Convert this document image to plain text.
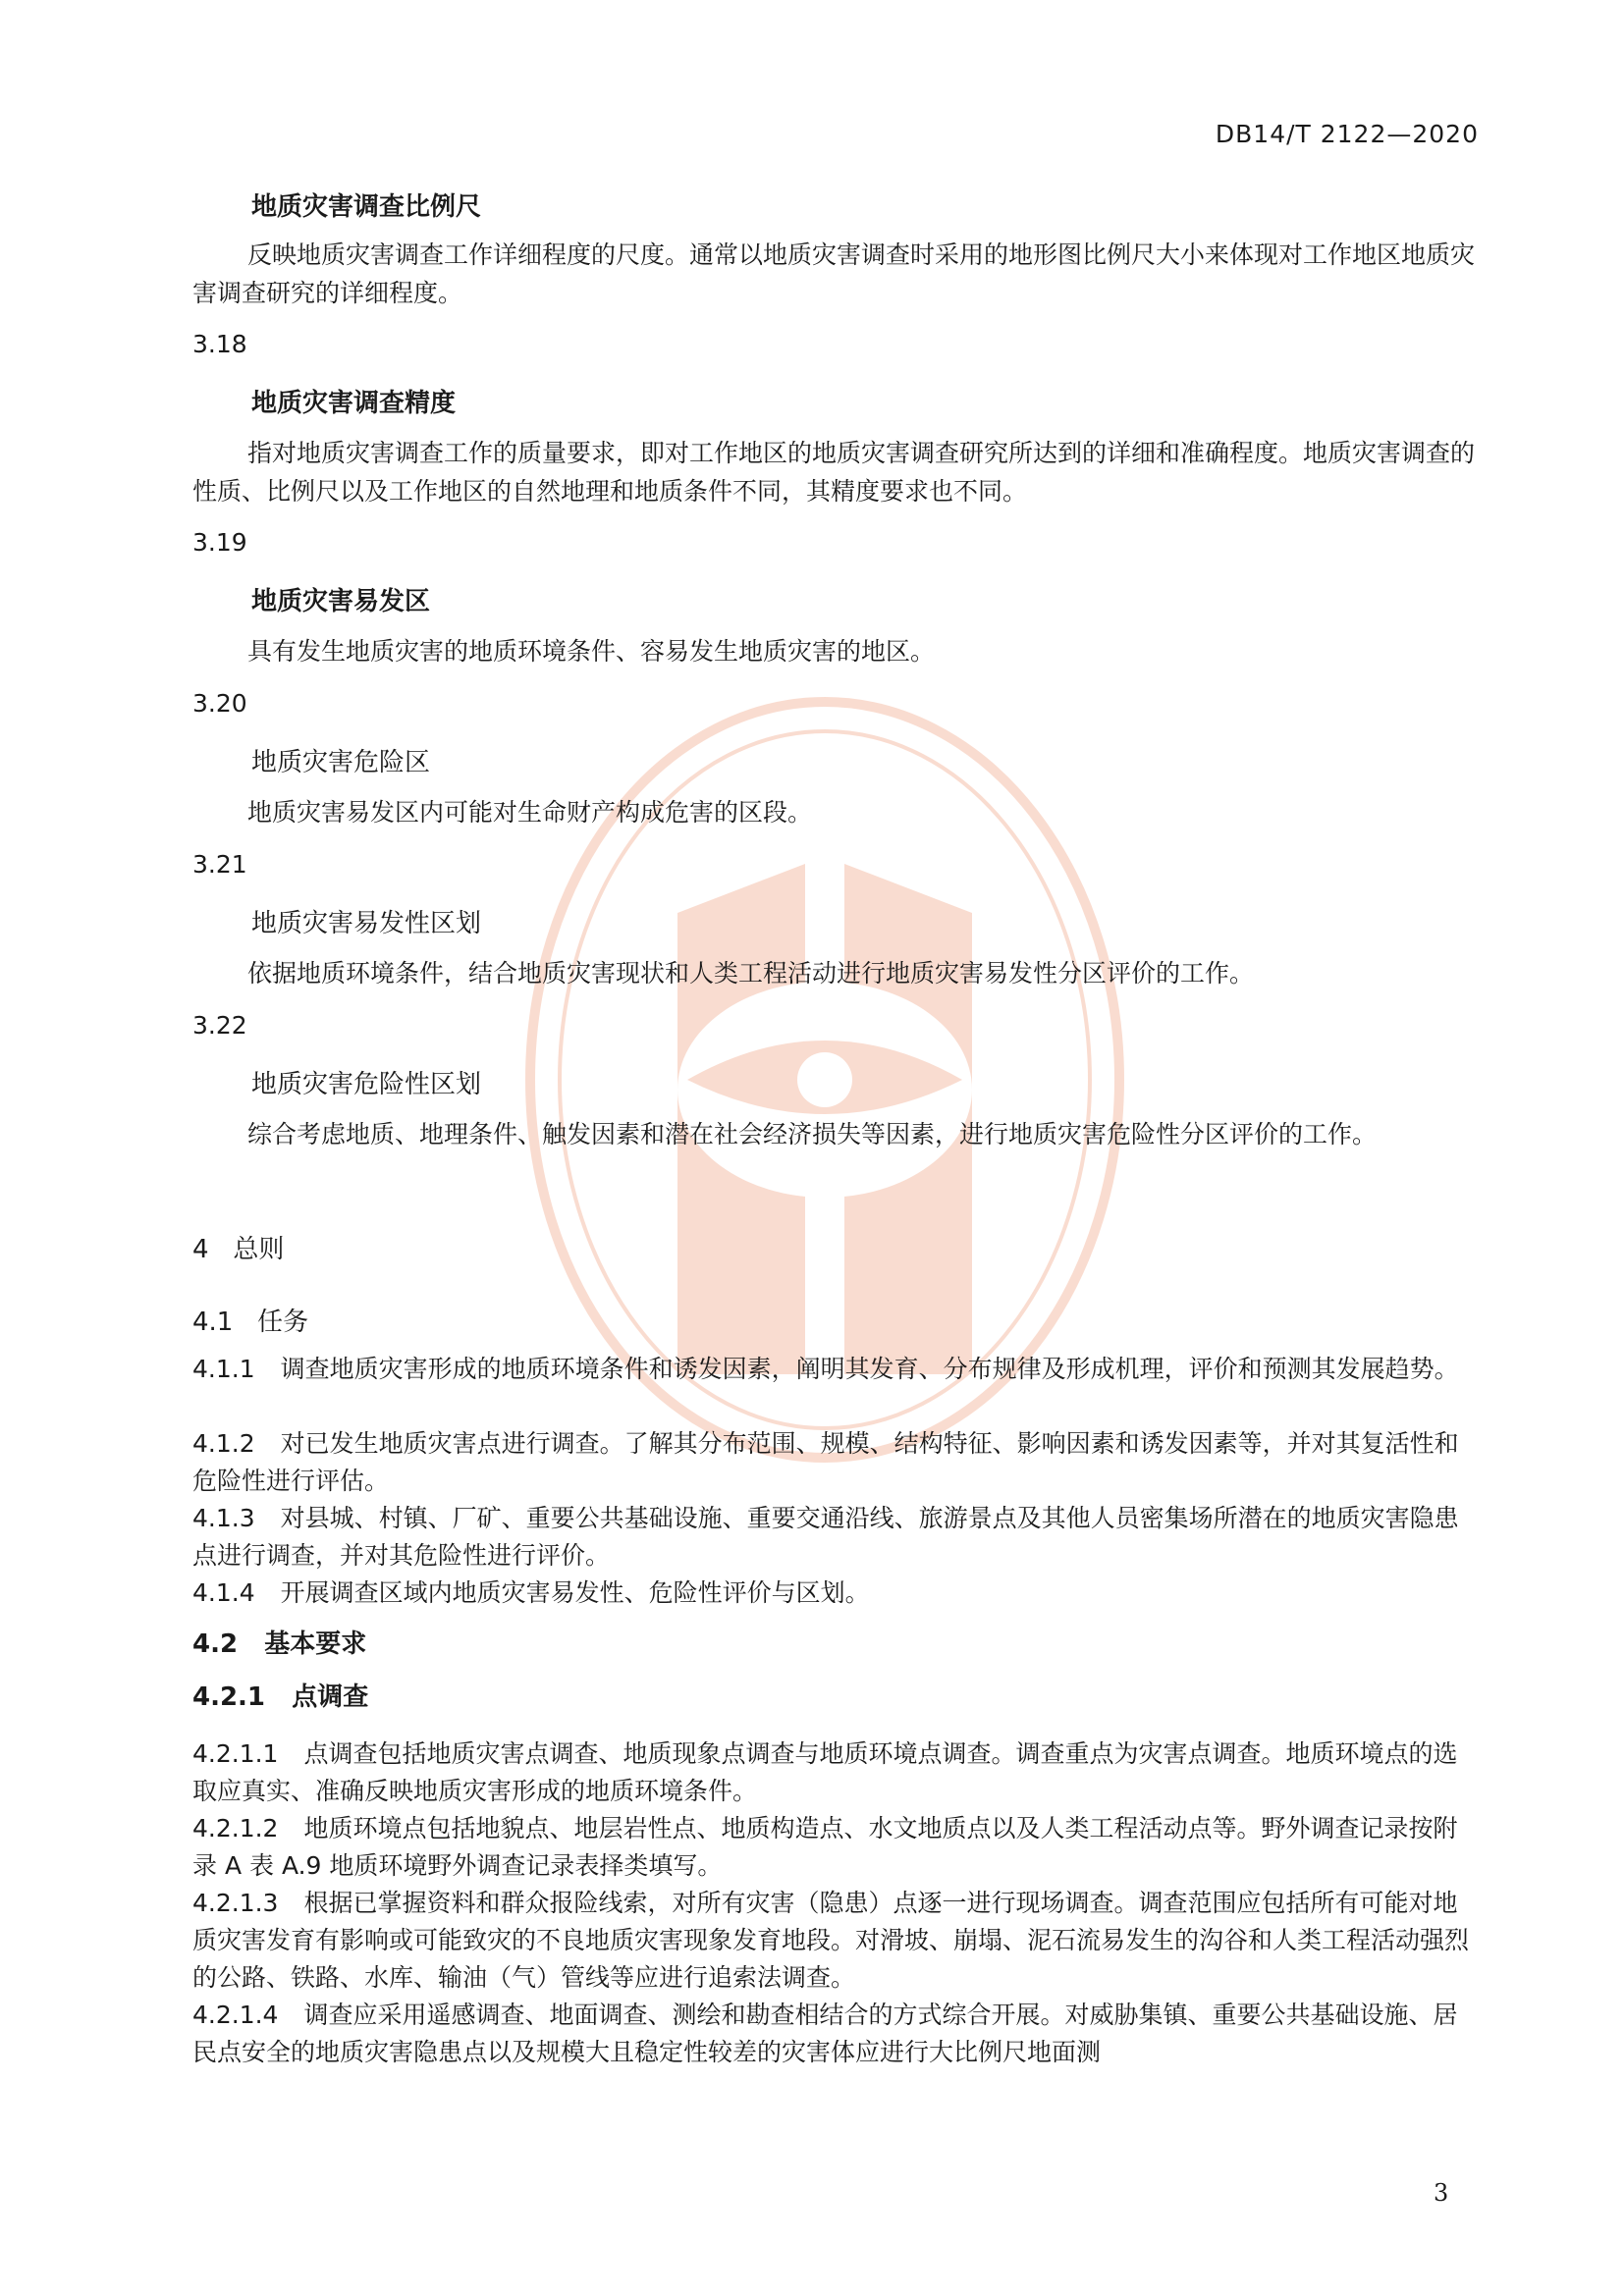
DB14/T 2122—2020
地质灾害调查比例尺
反映地质灾害调查工作详细程度的尺度。通常以地质灾害调查时采用的地形图比例尺大小来体现对工作地区地质灾害调查研究的详细程度。
3.18
地质灾害调查精度
指对地质灾害调查工作的质量要求，即对工作地区的地质灾害调查研究所达到的详细和准确程度。地质灾害调查的性质、比例尺以及工作地区的自然地理和地质条件不同，其精度要求也不同。
3.19
地质灾害易发区
具有发生地质灾害的地质环境条件、容易发生地质灾害的地区。
3.20
地质灾害危险区
地质灾害易发区内可能对生命财产构成危害的区段。
3.21
地质灾害易发性区划
依据地质环境条件，结合地质灾害现状和人类工程活动进行地质灾害易发性分区评价的工作。
3.22
地质灾害危险性区划
综合考虑地质、地理条件、触发因素和潜在社会经济损失等因素，进行地质灾害危险性分区评价的工作。
4 总则
4.1 任务
4.1.1 调查地质灾害形成的地质环境条件和诱发因素，阐明其发育、分布规律及形成机理，评价和预测其发展趋势。
4.1.2 对已发生地质灾害点进行调查。了解其分布范围、规模、结构特征、影响因素和诱发因素等，并对其复活性和危险性进行评估。
4.1.3 对县城、村镇、厂矿、重要公共基础设施、重要交通沿线、旅游景点及其他人员密集场所潜在的地质灾害隐患点进行调查，并对其危险性进行评价。
4.1.4 开展调查区域内地质灾害易发性、危险性评价与区划。
4.2 基本要求
4.2.1 点调查
4.2.1.1 点调查包括地质灾害点调查、地质现象点调查与地质环境点调查。调查重点为灾害点调查。地质环境点的选取应真实、准确反映地质灾害形成的地质环境条件。
4.2.1.2 地质环境点包括地貌点、地层岩性点、地质构造点、水文地质点以及人类工程活动点等。野外调查记录按附录 A 表 A.9 地质环境野外调查记录表择类填写。
4.2.1.3 根据已掌握资料和群众报险线索，对所有灾害（隐患）点逐一进行现场调查。调查范围应包括所有可能对地质灾害发育有影响或可能致灾的不良地质灾害现象发育地段。对滑坡、崩塌、泥石流易发生的沟谷和人类工程活动强烈的公路、铁路、水库、输油（气）管线等应进行追索法调查。
4.2.1.4 调查应采用遥感调查、地面调查、测绘和勘查相结合的方式综合开展。对威胁集镇、重要公共基础设施、居民点安全的地质灾害隐患点以及规模大且稳定性较差的灾害体应进行大比例尺地面测
3
